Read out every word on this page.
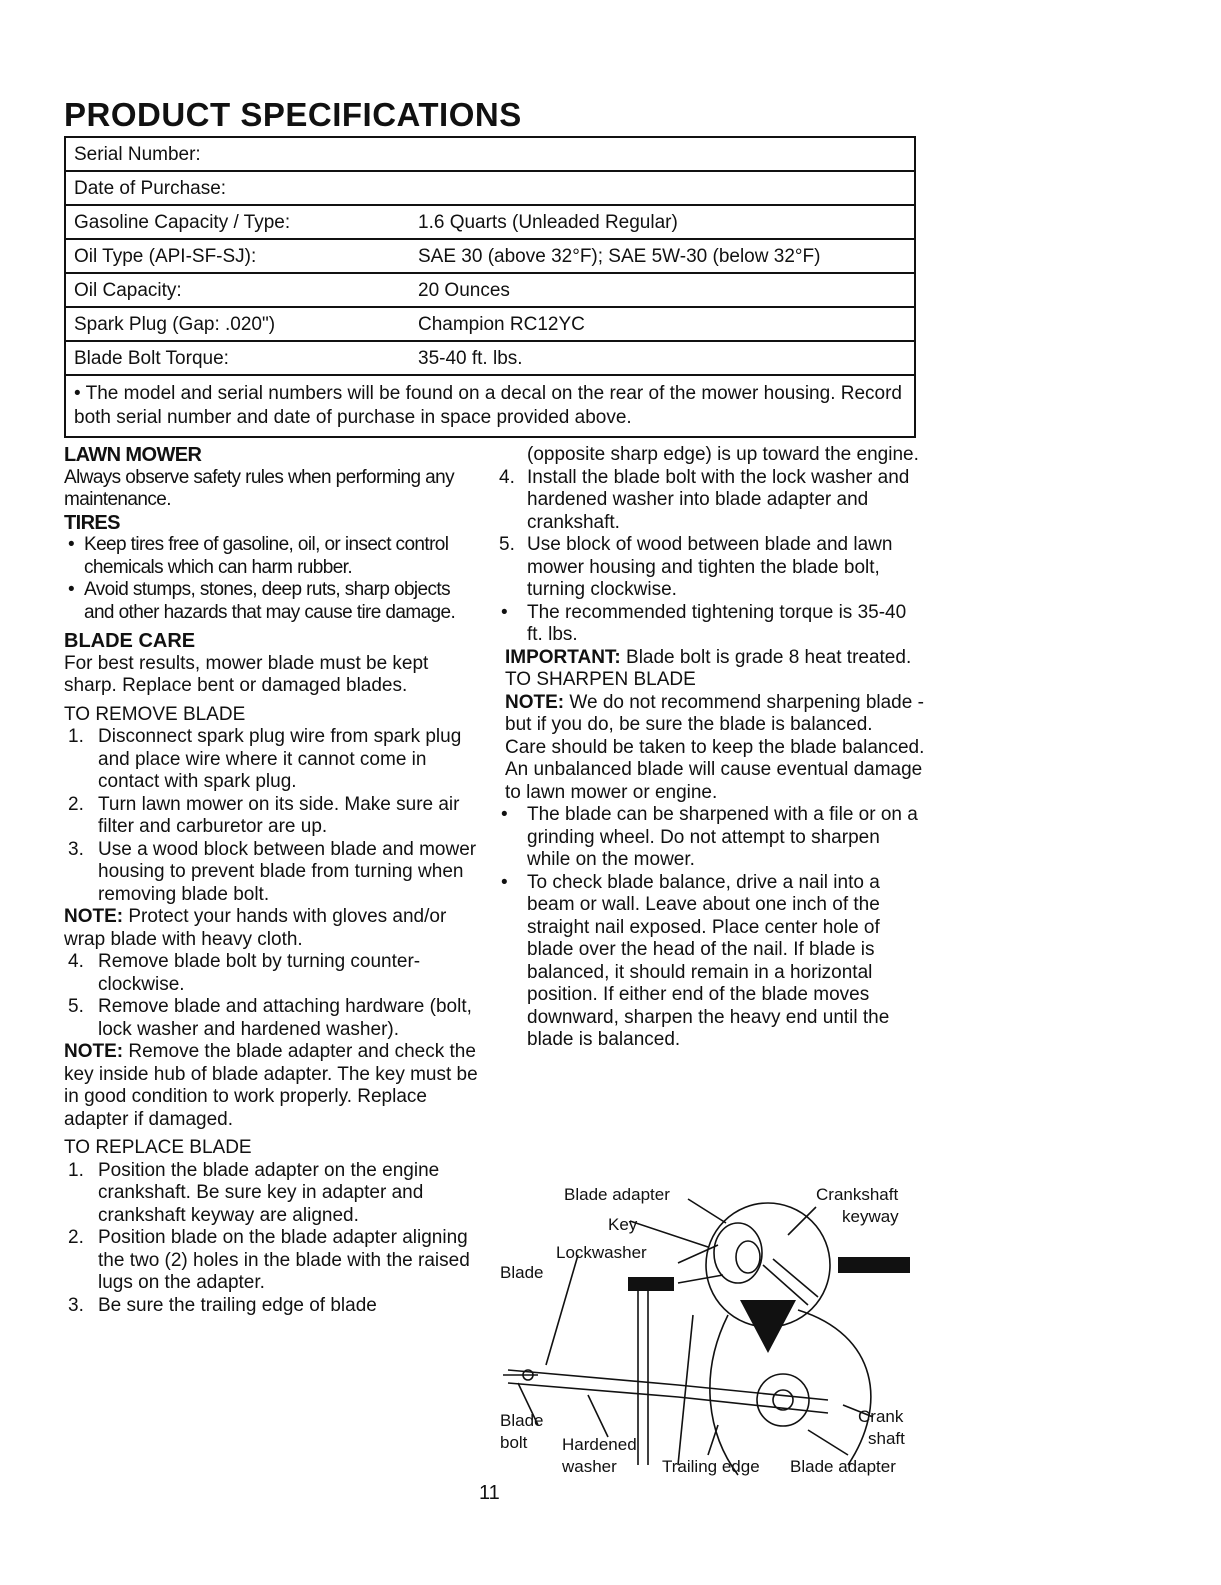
PRODUCT SPECIFICATIONS
Serial Number:	
Date of Purchase:	
Gasoline Capacity / Type:	1.6 Quarts (Unleaded Regular)
Oil Type (API-SF-SJ):	SAE 30 (above 32°F); SAE 5W-30 (below 32°F)
Oil Capacity:	20 Ounces
Spark Plug (Gap: .020")	Champion RC12YC
Blade Bolt Torque:	35-40 ft. lbs.
• The model and serial numbers will be found on a decal on the rear of the mower housing. Record both serial number and date of purchase in space provided above.	
LAWN MOWER

Always observe safety rules when performing any maintenance.

TIRES
• Keep tires free of gasoline, oil, or insect control chemicals which can harm rubber.
• Avoid stumps, stones, deep ruts, sharp objects and other hazards that may cause tire damage.
BLADE CARE

For best results, mower blade must be kept sharp. Replace bent or damaged blades.

TO REMOVE BLADE

1. Disconnect spark plug wire from spark plug and place wire where it cannot come in contact with spark plug.
2. Turn lawn mower on its side. Make sure air filter and carburetor are up.
3. Use a wood block between blade and mower housing to prevent blade from turning when removing blade bolt.

NOTE: Protect your hands with gloves and/or wrap blade with heavy cloth.

4. Remove blade bolt by turning counter-clockwise.
5. Remove blade and attaching hardware (bolt, lock washer and hardened washer).

NOTE: Remove the blade adapter and check the key inside hub of blade adapter. The key must be in good condition to work properly. Replace adapter if damaged.

TO REPLACE BLADE

1. Position the blade adapter on the engine crankshaft. Be sure key in adapter and crankshaft keyway are aligned.
2. Position blade on the blade adapter aligning the two (2) holes in the blade with the raised lugs on the adapter.
3. Be sure the trailing edge of blade

(opposite sharp edge) is up toward the engine.

4. Install the blade bolt with the lock washer and hardened washer into blade adapter and crankshaft.
5. Use block of wood between blade and lawn mower housing and tighten the blade bolt, turning clockwise.
• The recommended tightening torque is 35-40 ft. lbs.

IMPORTANT: Blade bolt is grade 8 heat treated.

TO SHARPEN BLADE

NOTE: We do not recommend sharpening blade - but if you do, be sure the blade is balanced.

Care should be taken to keep the blade balanced. An unbalanced blade will cause eventual damage to lawn mower or engine.

• The blade can be sharpened with a file or on a grinding wheel. Do not attempt to sharpen while on the mower.
• To check blade balance, drive a nail into a beam or wall. Leave about one inch of the straight nail exposed. Place center hole of blade over the head of the nail. If blade is balanced, it should remain in a horizontal position. If either end of the blade moves downward, sharpen the heavy end until the blade is balanced.
Blade adapter	Crankshaft
keyway
Key
Lockwasher
Blade
Blade
bolt Hardened
washer	Trailing edge Blade adapter
Crank
shaft
11
